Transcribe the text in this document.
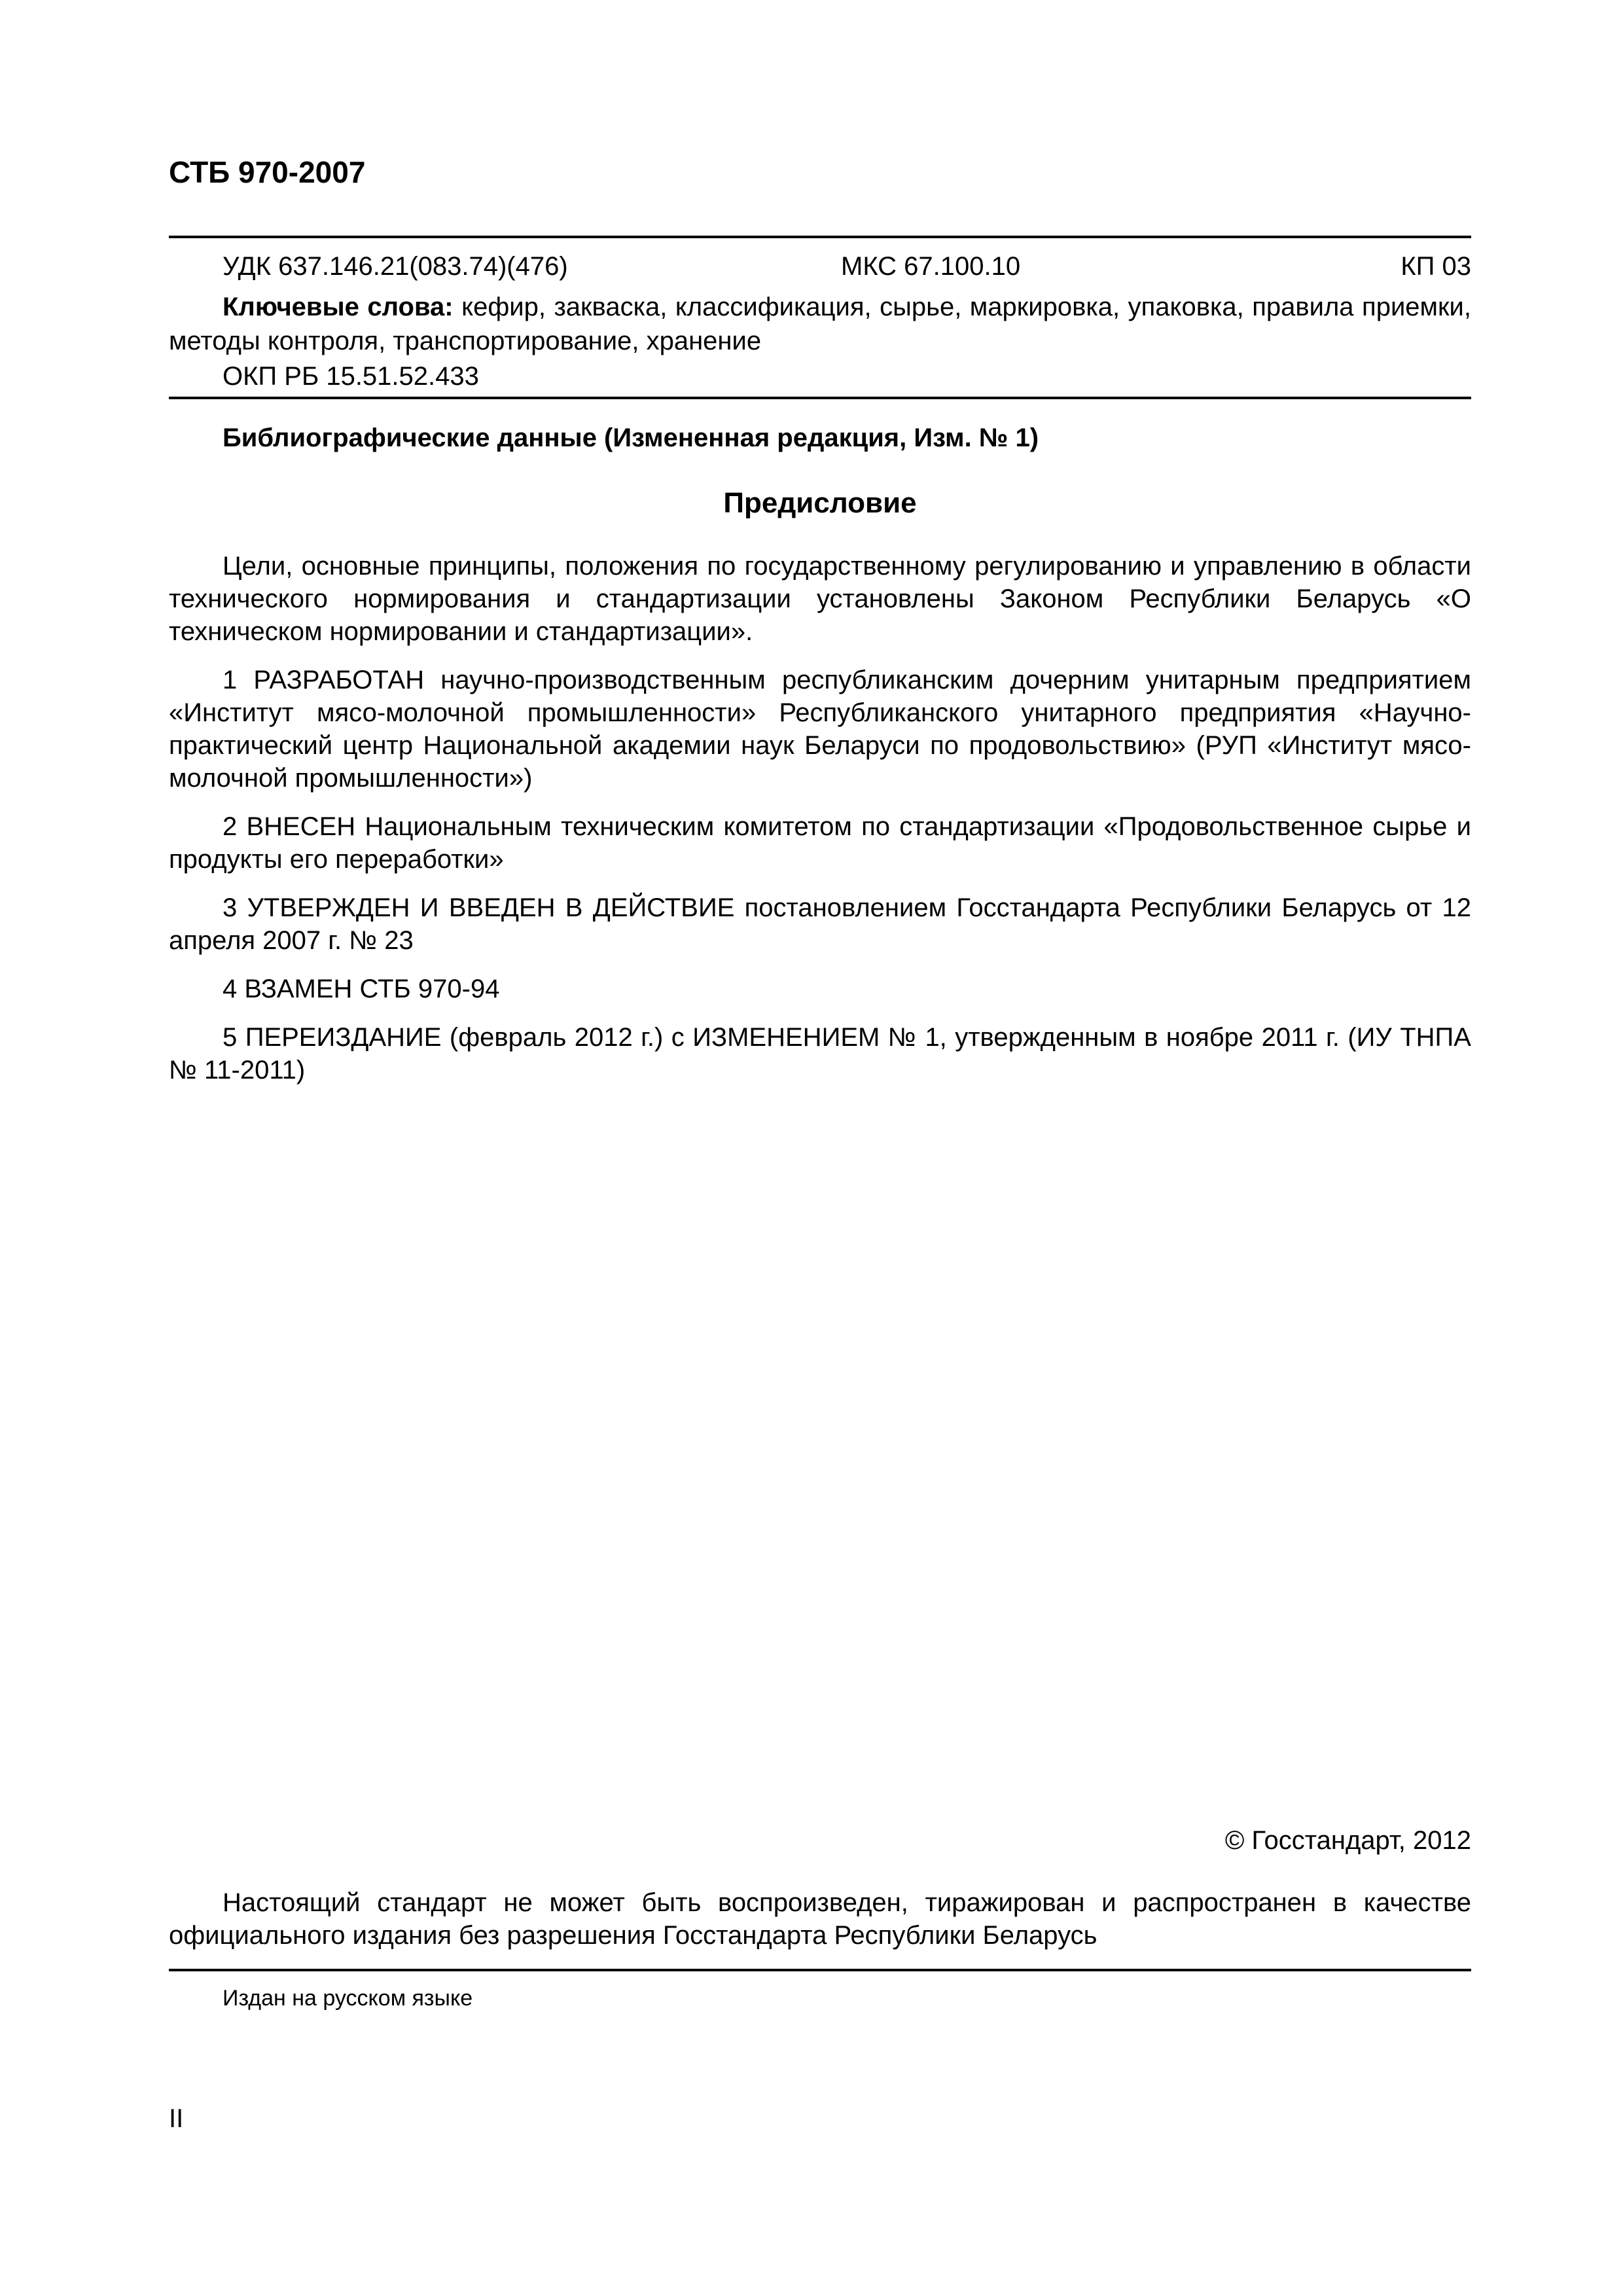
СТБ 970-2007
УДК 637.146.21(083.74)(476)	МКС 67.100.10	КП 03
Ключевые слова: кефир, закваска, классификация, сырье, маркировка, упаковка, правила приемки, методы контроля, транспортирование, хранение
ОКП РБ 15.51.52.433
Библиографические данные (Измененная редакция, Изм. № 1)
Предисловие

Цели, основные принципы, положения по государственному регулированию и управлению в области технического нормирования и стандартизации установлены Законом Республики Беларусь «О техническом нормировании и стандартизации».

1 РАЗРАБОТАН научно-производственным республиканским дочерним унитарным предприятием «Институт мясо-молочной промышленности» Республиканского унитарного предприятия «Научно-практический центр Национальной академии наук Беларуси по продовольствию» (РУП «Институт мясо-молочной промышленности»)

2 ВНЕСЕН Национальным техническим комитетом по стандартизации «Продовольственное сырье и продукты его переработки»

3 УТВЕРЖДЕН И ВВЕДЕН В ДЕЙСТВИЕ постановлением Госстандарта Республики Беларусь от 12 апреля 2007 г. № 23

4 ВЗАМЕН СТБ 970-94

5 ПЕРЕИЗДАНИЕ (февраль 2012 г.) с ИЗМЕНЕНИЕМ № 1, утвержденным в ноябре 2011 г. (ИУ ТНПА № 11-2011)

© Госстандарт, 2012
Настоящий стандарт не может быть воспроизведен, тиражирован и распространен в качестве официального издания без разрешения Госстандарта Республики Беларусь
Издан на русском языке
II
